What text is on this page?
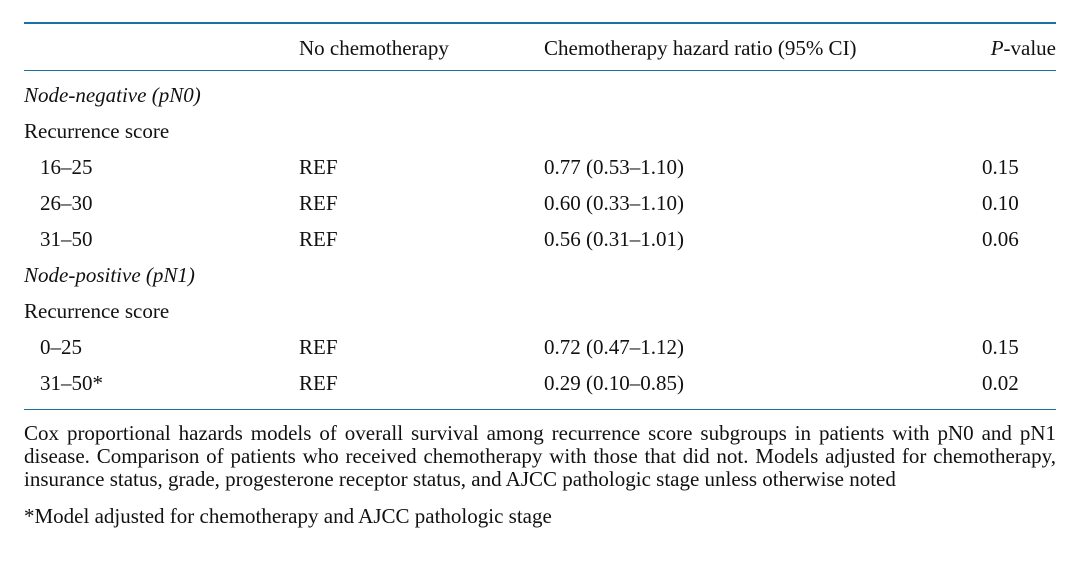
	No chemotherapy	Chemotherapy hazard ratio (95% CI)	P-value

Node-negative (pN0)			
Recurrence score			
16–25	REF	0.77 (0.53–1.10)	0.15
26–30	REF	0.60 (0.33–1.10)	0.10
31–50	REF	0.56 (0.31–1.01)	0.06
Node-positive (pN1)			
Recurrence score			
0–25	REF	0.72 (0.47–1.12)	0.15
31–50*	REF	0.29 (0.10–0.85)	0.02

Cox proportional hazards models of overall survival among recurrence score subgroups in patients with pN0 and pN1 disease. Comparison of patients who received chemotherapy with those that did not. Models adjusted for chemotherapy, insurance status, grade, progesterone receptor status, and AJCC pathologic stage unless otherwise noted

*Model adjusted for chemotherapy and AJCC pathologic stage
